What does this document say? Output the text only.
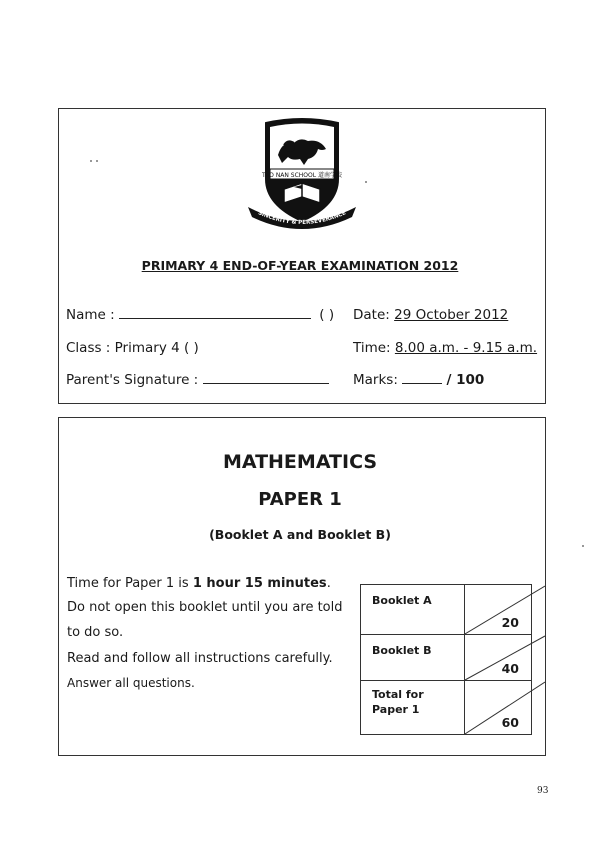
TAO NAN SCHOOL 道南学校
SINCERITY & PERSEVERANCE
PRIMARY 4 END-OF-YEAR EXAMINATION 2012
Name :	( ) Date: 29 October 2012
Class : Primary 4 ( )	Time: 8.00 a.m. - 9.15 a.m.
Parent's Signature :	Marks:	/ 100
MATHEMATICS
PAPER 1
(Booklet A and Booklet B)
Time for Paper 1 is 1 hour 15 minutes.
Do not open this booklet until you are told
to do so.
Read and follow all instructions carefully.
Answer all questions.
Booklet A	20

Booklet B	40

Total for Paper 1	60
93
